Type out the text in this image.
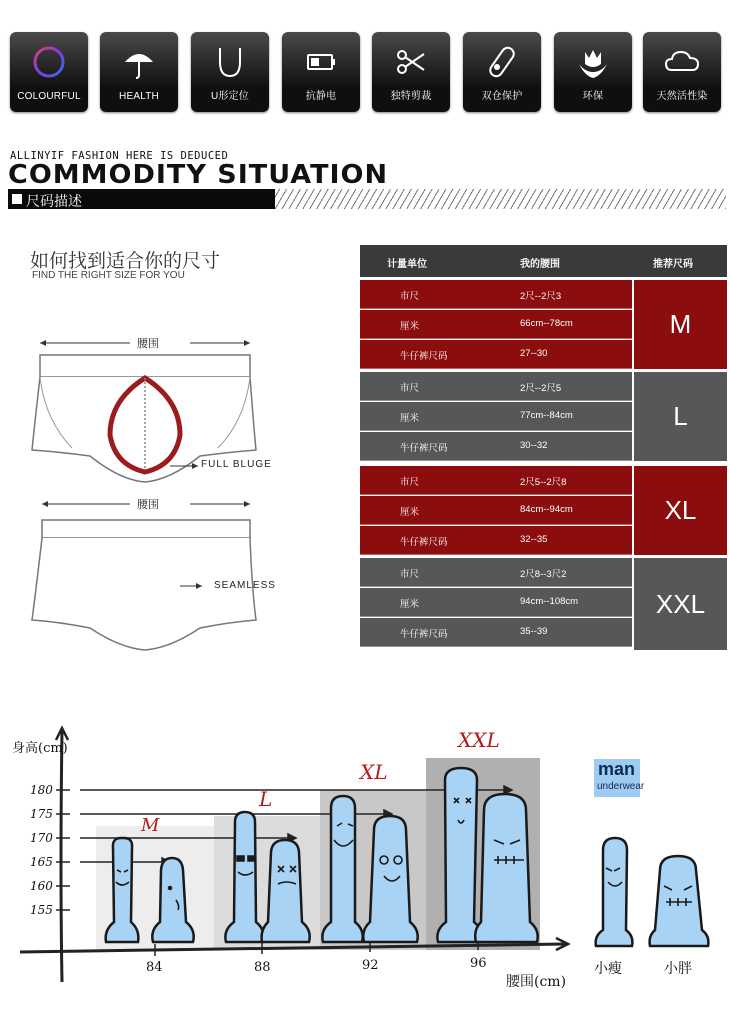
COLOURFUL	HEALTH	U形定位	抗静电	独特剪裁	双仓保护	环保	天然活性染
ALLINYIF FASHION HERE IS DEDUCED
COMMODITY SITUATION
尺码描述
如何找到适合你的尺寸
FIND THE RIGHT SIZE FOR YOU
腰围
腰围
FULL BLUGE
SEAMLESS
计量单位	我的腰围	推荐尺码
市尺	2尺--2尺3
厘米	66cm--78cm
牛仔裤尺码	27--30
M
市尺	2尺--2尺5
厘米	77cm--84cm
牛仔裤尺码	30--32
L
市尺	2尺5--2尺8
厘米	84cm--94cm
牛仔裤尺码	32--35
XL
市尺	2尺8--3尺2
厘米	94cm--108cm
牛仔裤尺码	35--39
XXL
身高(cm)
180
175
170
165
160
155
84	88	92	96
腰围(cm)
M
L
XL
XXL
小瘦	小胖
man
underwear
